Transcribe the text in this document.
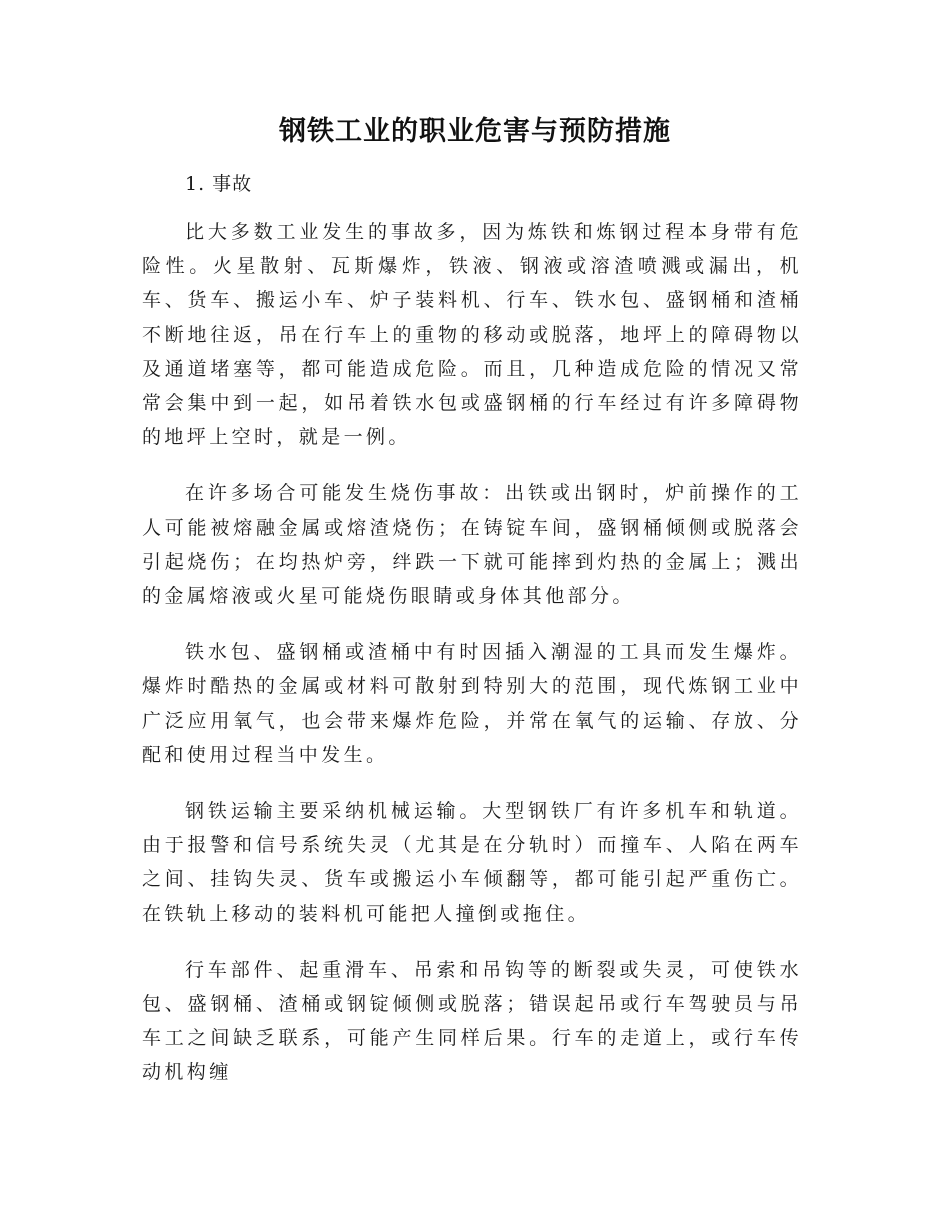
钢铁工业的职业危害与预防措施
1. 事故

比大多数工业发生的事故多，因为炼铁和炼钢过程本身带有危险性。火星散射、瓦斯爆炸，铁液、钢液或溶渣喷溅或漏出，机车、货车、搬运小车、炉子装料机、行车、铁水包、盛钢桶和渣桶不断地往返，吊在行车上的重物的移动或脱落，地坪上的障碍物以及通道堵塞等，都可能造成危险。而且，几种造成危险的情况又常常会集中到一起，如吊着铁水包或盛钢桶的行车经过有许多障碍物的地坪上空时，就是一例。

在许多场合可能发生烧伤事故：出铁或出钢时，炉前操作的工人可能被熔融金属或熔渣烧伤；在铸锭车间，盛钢桶倾侧或脱落会引起烧伤；在均热炉旁，绊跌一下就可能摔到灼热的金属上；溅出的金属熔液或火星可能烧伤眼睛或身体其他部分。

铁水包、盛钢桶或渣桶中有时因插入潮湿的工具而发生爆炸。爆炸时酷热的金属或材料可散射到特别大的范围，现代炼钢工业中广泛应用氧气，也会带来爆炸危险，并常在氧气的运输、存放、分配和使用过程当中发生。

钢铁运输主要采纳机械运输。大型钢铁厂有许多机车和轨道。由于报警和信号系统失灵（尤其是在分轨时）而撞车、人陷在两车之间、挂钩失灵、货车或搬运小车倾翻等，都可能引起严重伤亡。在铁轨上移动的装料机可能把人撞倒或拖住。

行车部件、起重滑车、吊索和吊钩等的断裂或失灵，可使铁水包、盛钢桶、渣桶或钢锭倾侧或脱落；错误起吊或行车驾驶员与吊车工之间缺乏联系，可能产生同样后果。行车的走道上，或行车传动机构缠
